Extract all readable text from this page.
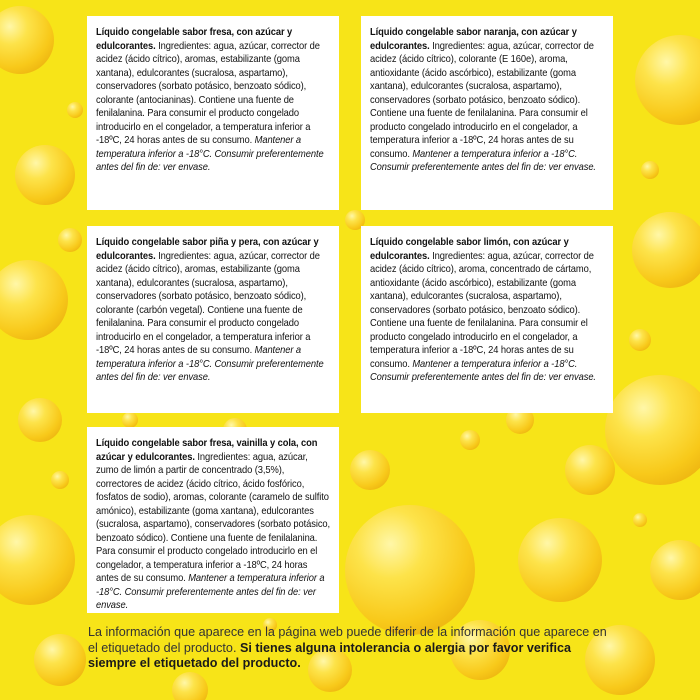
Líquido congelable sabor fresa, con azúcar y edulcorantes. Ingredientes: agua, azúcar, corrector de acidez (ácido cítrico), aromas, estabilizante (goma xantana), edulcorantes (sucralosa, aspartamo), conservadores (sorbato potásico, benzoato sódico), colorante (antocianinas). Contiene una fuente de fenilalanina. Para consumir el producto congelado introducirlo en el congelador, a temperatura inferior a -18ºC, 24 horas antes de su consumo. Mantener a temperatura inferior a -18°C. Consumir preferentemente antes del fin de: ver envase.
Líquido congelable sabor naranja, con azúcar y edulcorantes. Ingredientes: agua, azúcar, corrector de acidez (ácido cítrico), colorante (E 160e), aroma, antioxidante (ácido ascórbico), estabilizante (goma xantana), edulcorantes (sucralosa, aspartamo), conservadores (sorbato potásico, benzoato sódico). Contiene una fuente de fenilalanina. Para consumir el producto congelado introducirlo en el congelador, a temperatura inferior a -18ºC, 24 horas antes de su consumo. Mantener a temperatura inferior a -18°C. Consumir preferentemente antes del fin de: ver envase.
Líquido congelable sabor piña y pera, con azúcar y edulcorantes. Ingredientes: agua, azúcar, corrector de acidez (ácido cítrico), aromas, estabilizante (goma xantana), edulcorantes (sucralosa, aspartamo), conservadores (sorbato potásico, benzoato sódico), colorante (carbón vegetal). Contiene una fuente de fenilalanina. Para consumir el producto congelado introducirlo en el congelador, a temperatura inferior a -18ºC, 24 horas antes de su consumo. Mantener a temperatura inferior a -18°C. Consumir preferentemente antes del fin de: ver envase.
Líquido congelable sabor limón, con azúcar y edulcorantes. Ingredientes: agua, azúcar, corrector de acidez (ácido cítrico), aroma, concentrado de cártamo, antioxidante (ácido ascórbico), estabilizante (goma xantana), edulcorantes (sucralosa, aspartamo), conservadores (sorbato potásico, benzoato sódico). Contiene una fuente de fenilalanina. Para consumir el producto congelado introducirlo en el congelador, a temperatura inferior a -18ºC, 24 horas antes de su consumo. Mantener a temperatura inferior a -18°C. Consumir preferentemente antes del fin de: ver envase.
Líquido congelable sabor fresa, vainilla y cola, con azúcar y edulcorantes. Ingredientes: agua, azúcar, zumo de limón a partir de concentrado (3,5%), correctores de acidez (ácido cítrico, ácido fosfórico, fosfatos de sodio), aromas, colorante (caramelo de sulfito amónico), estabilizante (goma xantana), edulcorantes (sucralosa, aspartamo), conservadores (sorbato potásico, benzoato sódico). Contiene una fuente de fenilalanina. Para consumir el producto congelado introducirlo en el congelador, a temperatura inferior a -18ºC, 24 horas antes de su consumo. Mantener a temperatura inferior a -18°C. Consumir preferentemente antes del fin de: ver envase.
La información que aparece en la página web puede diferir de la información que aparece en el etiquetado del producto. Si tienes alguna intolerancia o alergia por favor verifica siempre el etiquetado del producto.
